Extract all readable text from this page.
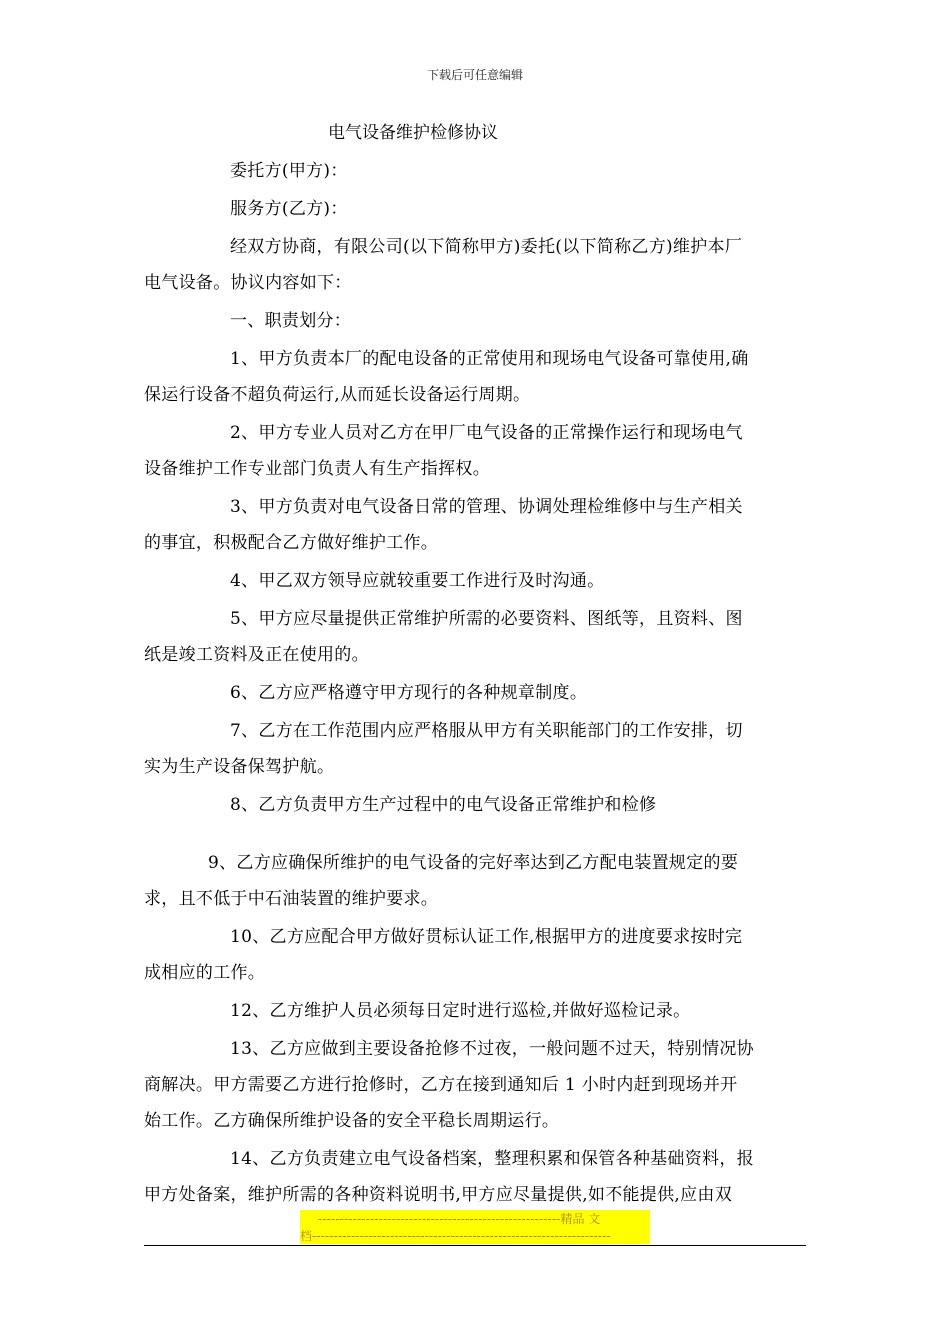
下载后可任意编辑
电气设备维护检修协议
委托方(甲方)：
服务方(乙方)：
经双方协商，有限公司(以下简称甲方)委托(以下简称乙方)维护本厂
电气设备。协议内容如下：
一、职责划分：
1、甲方负责本厂的配电设备的正常使用和现场电气设备可靠使用,确
保运行设备不超负荷运行,从而延长设备运行周期。
2、甲方专业人员对乙方在甲厂电气设备的正常操作运行和现场电气
设备维护工作专业部门负责人有生产指挥权。
3、甲方负责对电气设备日常的管理、协调处理检维修中与生产相关
的事宜，积极配合乙方做好维护工作。
4、甲乙双方领导应就较重要工作进行及时沟通。
5、甲方应尽量提供正常维护所需的必要资料、图纸等，且资料、图
纸是竣工资料及正在使用的。
6、乙方应严格遵守甲方现行的各种规章制度。
7、乙方在工作范围内应严格服从甲方有关职能部门的工作安排，切
实为生产设备保驾护航。
8、乙方负责甲方生产过程中的电气设备正常维护和检修
9、乙方应确保所维护的电气设备的完好率达到乙方配电装置规定的要
求，且不低于中石油装置的维护要求。
10、乙方应配合甲方做好贯标认证工作,根据甲方的进度要求按时完
成相应的工作。
12、乙方维护人员必须每日定时进行巡检,并做好巡检记录。
13、乙方应做到主要设备抢修不过夜，一般问题不过天，特别情况协
商解决。甲方需要乙方进行抢修时，乙方在接到通知后 1 小时内赶到现场并开
始工作。乙方确保所维护设备的安全平稳长周期运行。
14、乙方负责建立电气设备档案，整理积累和保管各种基础资料，报
甲方处备案，维护所需的各种资料说明书,甲方应尽量提供,如不能提供,应由双
--------------------------------------------------------精品 文
档---------------------------------------------------------------------
